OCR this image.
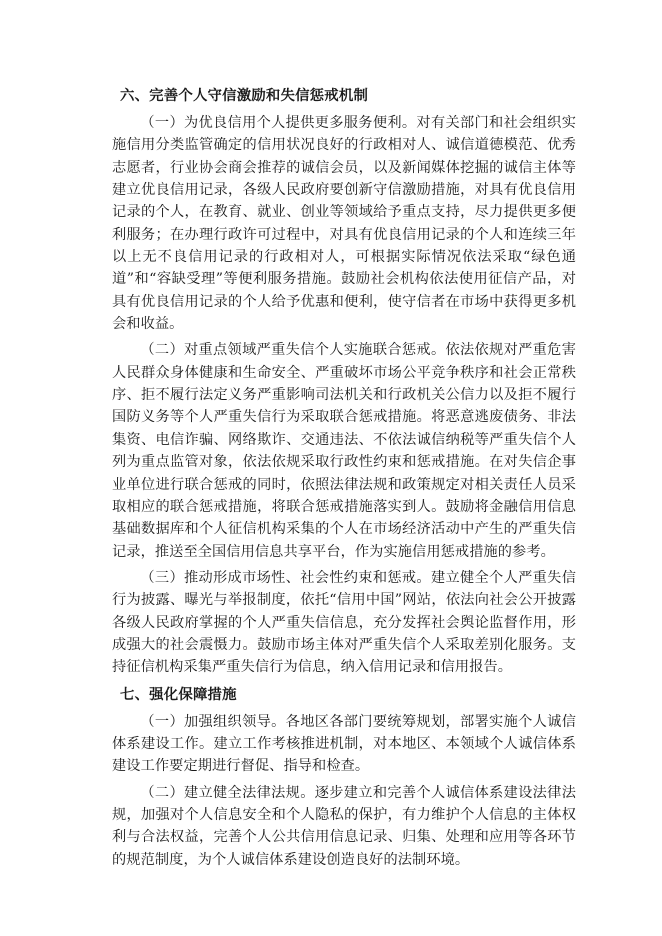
六、完善个人守信激励和失信惩戒机制

（一）为优良信用个人提供更多服务便利。对有关部门和社会组织实施信用分类监管确定的信用状况良好的行政相对人、诚信道德模范、优秀志愿者，行业协会商会推荐的诚信会员，以及新闻媒体挖掘的诚信主体等建立优良信用记录，各级人民政府要创新守信激励措施，对具有优良信用记录的个人，在教育、就业、创业等领域给予重点支持，尽力提供更多便利服务；在办理行政许可过程中，对具有优良信用记录的个人和连续三年以上无不良信用记录的行政相对人，可根据实际情况依法采取“绿色通道”和“容缺受理”等便利服务措施。鼓励社会机构依法使用征信产品，对具有优良信用记录的个人给予优惠和便利，使守信者在市场中获得更多机会和收益。

（二）对重点领域严重失信个人实施联合惩戒。依法依规对严重危害人民群众身体健康和生命安全、严重破坏市场公平竞争秩序和社会正常秩序、拒不履行法定义务严重影响司法机关和行政机关公信力以及拒不履行国防义务等个人严重失信行为采取联合惩戒措施。将恶意逃废债务、非法集资、电信诈骗、网络欺诈、交通违法、不依法诚信纳税等严重失信个人列为重点监管对象，依法依规采取行政性约束和惩戒措施。在对失信企事业单位进行联合惩戒的同时，依照法律法规和政策规定对相关责任人员采取相应的联合惩戒措施，将联合惩戒措施落实到人。鼓励将金融信用信息基础数据库和个人征信机构采集的个人在市场经济活动中产生的严重失信记录，推送至全国信用信息共享平台，作为实施信用惩戒措施的参考。

（三）推动形成市场性、社会性约束和惩戒。建立健全个人严重失信行为披露、曝光与举报制度，依托“信用中国”网站，依法向社会公开披露各级人民政府掌握的个人严重失信信息，充分发挥社会舆论监督作用，形成强大的社会震慑力。鼓励市场主体对严重失信个人采取差别化服务。支持征信机构采集严重失信行为信息，纳入信用记录和信用报告。

七、强化保障措施

（一）加强组织领导。各地区各部门要统筹规划，部署实施个人诚信体系建设工作。建立工作考核推进机制，对本地区、本领域个人诚信体系建设工作要定期进行督促、指导和检查。

（二）建立健全法律法规。逐步建立和完善个人诚信体系建设法律法规，加强对个人信息安全和个人隐私的保护，有力维护个人信息的主体权利与合法权益，完善个人公共信用信息记录、归集、处理和应用等各环节的规范制度，为个人诚信体系建设创造良好的法制环境。
